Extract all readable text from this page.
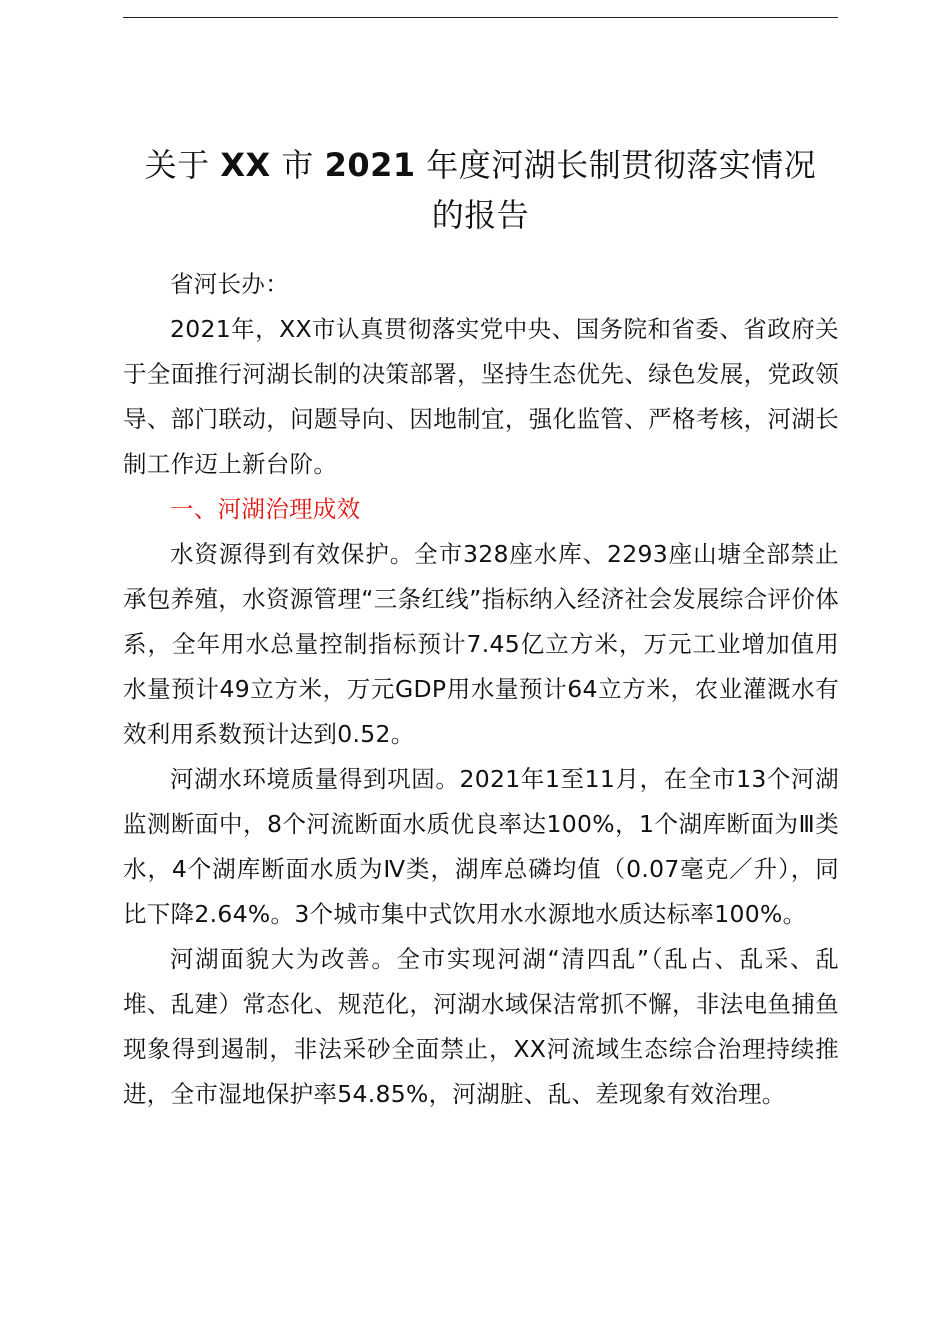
关于 XX 市 2021 年度河湖长制贯彻落实情况
的报告

省河长办：

2021年，XX市认真贯彻落实党中央、国务院和省委、省政府关于全面推行河湖长制的决策部署，坚持生态优先、绿色发展，党政领导、部门联动，问题导向、因地制宜，强化监管、严格考核，河湖长制工作迈上新台阶。

一、河湖治理成效

水资源得到有效保护。全市328座水库、2293座山塘全部禁止承包养殖，水资源管理“三条红线”指标纳入经济社会发展综合评价体系，全年用水总量控制指标预计7.45亿立方米，万元工业增加值用水量预计49立方米，万元GDP用水量预计64立方米，农业灌溉水有效利用系数预计达到0.52。

河湖水环境质量得到巩固。2021年1至11月，在全市13个河湖监测断面中，8个河流断面水质优良率达100%，1个湖库断面为Ⅲ类水，4个湖库断面水质为Ⅳ类，湖库总磷均值（0.07毫克／升），同比下降2.64%。3个城市集中式饮用水水源地水质达标率100%。

河湖面貌大为改善。全市实现河湖“清四乱”（乱占、乱采、乱堆、乱建）常态化、规范化，河湖水域保洁常抓不懈，非法电鱼捕鱼现象得到遏制，非法采砂全面禁止，XX河流域生态综合治理持续推进，全市湿地保护率54.85%，河湖脏、乱、差现象有效治理。
